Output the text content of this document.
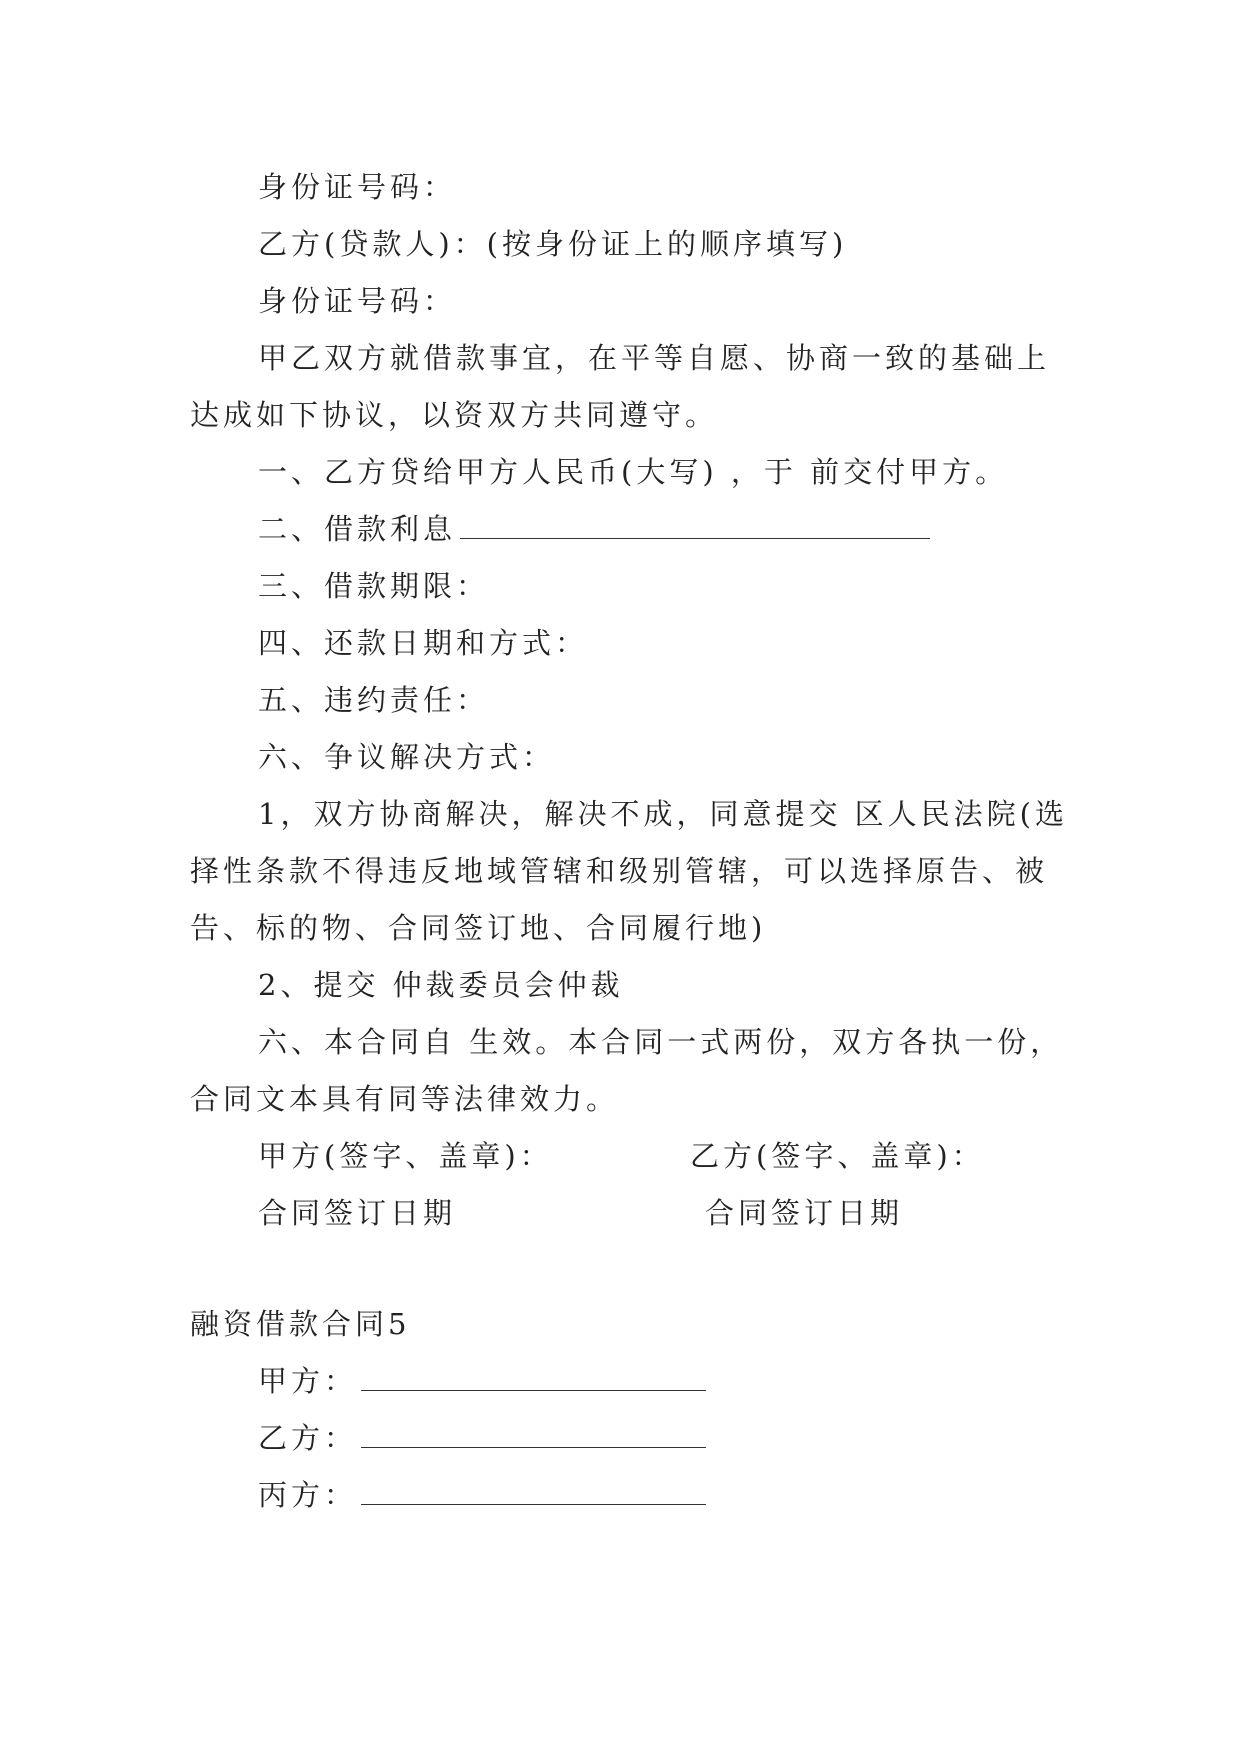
身份证号码：
乙方(贷款人)：(按身份证上的顺序填写)
身份证号码：
甲乙双方就借款事宜，在平等自愿、协商一致的基础上
达成如下协议，以资双方共同遵守。
一、乙方贷给甲方人民币(大写) ，于 前交付甲方。
二、借款利息
三、借款期限：
四、还款日期和方式：
五、违约责任：
六、争议解决方式：
1，双方协商解决，解决不成，同意提交 区人民法院(选
择性条款不得违反地域管辖和级别管辖，可以选择原告、被
告、标的物、合同签订地、合同履行地)
2、提交 仲裁委员会仲裁
六、本合同自 生效。本合同一式两份，双方各执一份，
合同文本具有同等法律效力。
甲方(签字、盖章)：	乙方(签字、盖章)：
合同签订日期	合同签订日期
融资借款合同5
甲方：
乙方：
丙方：
